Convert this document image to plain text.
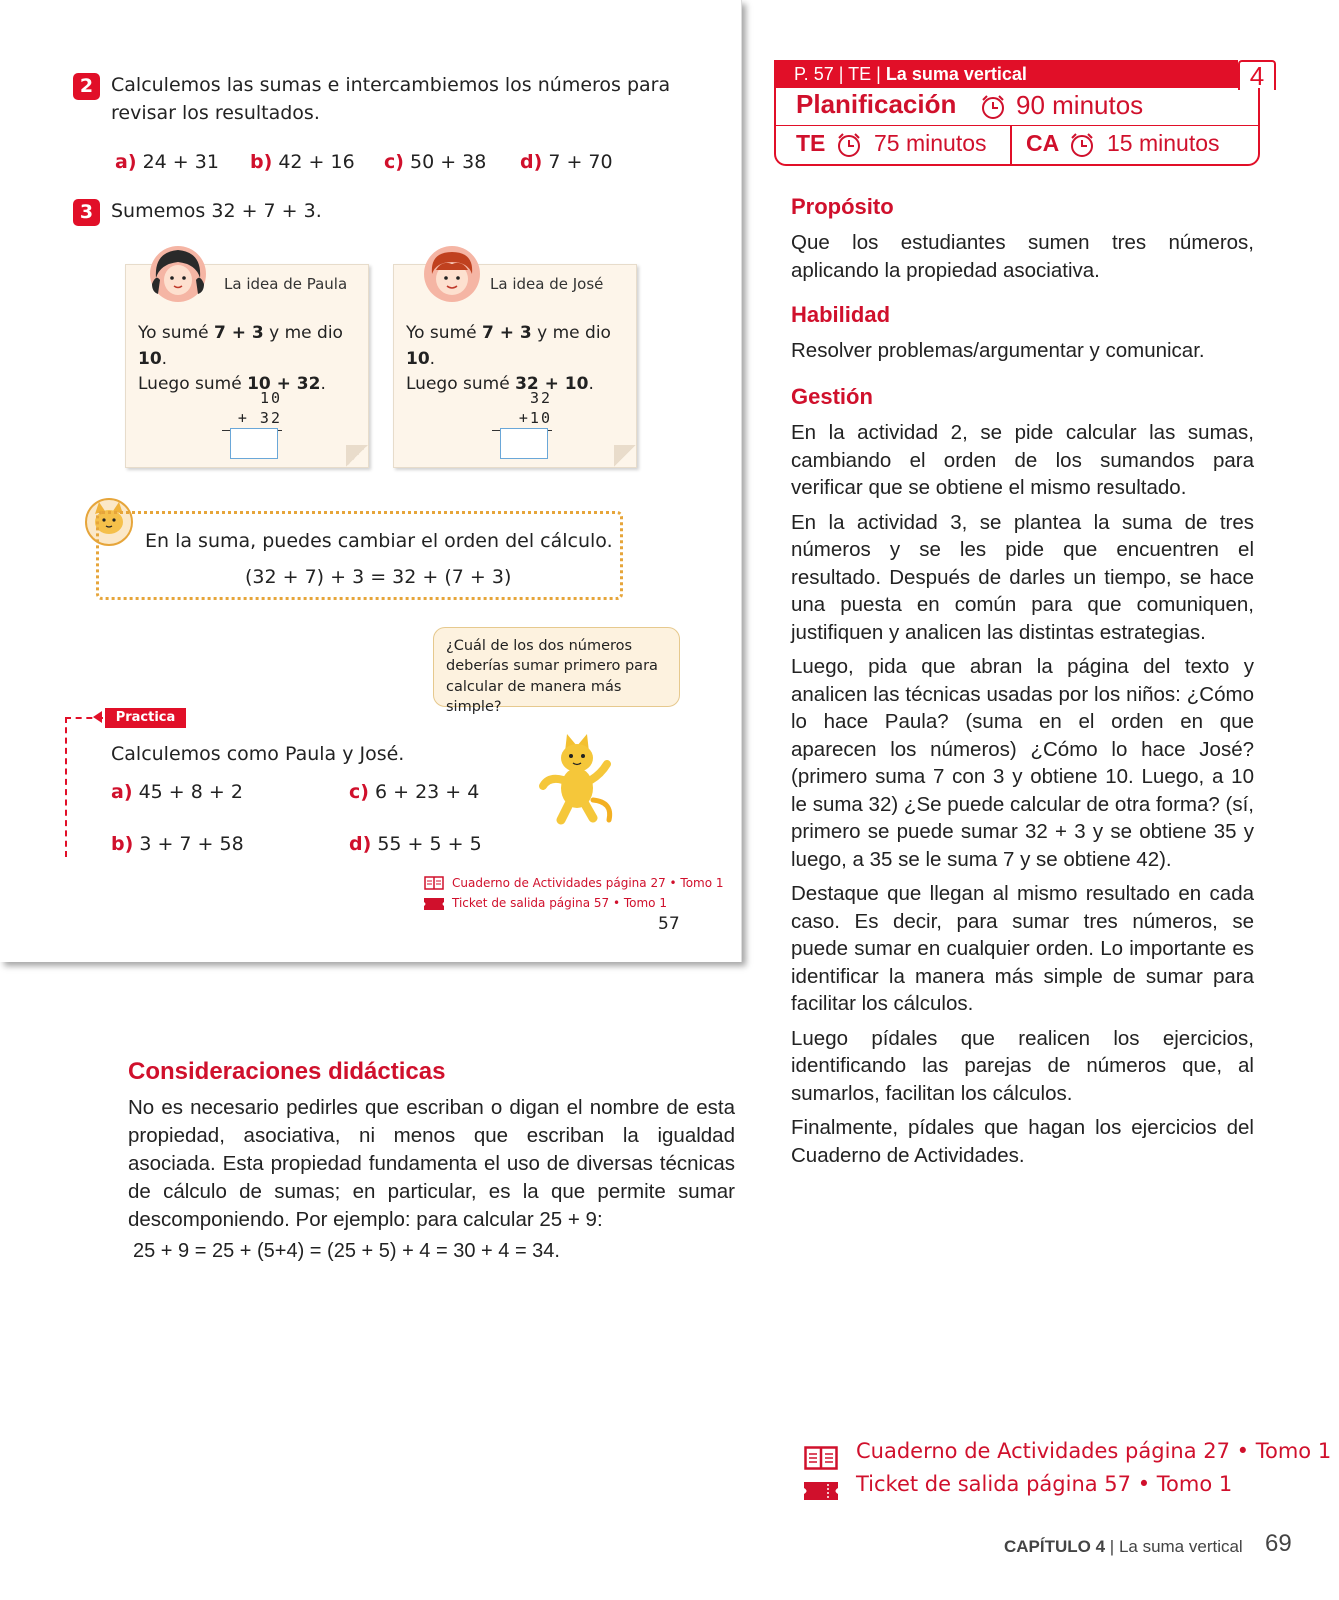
2 Calculemos las sumas e intercambiemos los números para
revisar los resultados.
a) 24 + 31 b) 42 + 16 c) 50 + 38 d) 7 + 70
3 Sumemos 32 + 7 + 3.
La idea de Paula
Yo sumé 7 + 3 y me dio 10.
Luego sumé 10 + 32.
10
+ 32
La idea de José
Yo sumé 7 + 3 y me dio 10.
Luego sumé 32 + 10.
32
+10
En la suma, puedes cambiar el orden del cálculo.
(32 + 7) + 3 = 32 + (7 + 3)
¿Cuál de los dos números deberías sumar primero para calcular de manera más simple?
Practica
Calculemos como Paula y José.
a) 45 + 8 + 2
b) 3 + 7 + 58
c) 6 + 23 + 4
d) 55 + 5 + 5
Cuaderno de Actividades página 27 • Tomo 1
Ticket de salida página 57 • Tomo 1
57
P. 57 | TE | La suma vertical	4
Planificación 90 minutos
TE 75 minutos CA 15 minutos
Propósito
Que los estudiantes sumen tres números, aplicando la propiedad asociativa.
Habilidad
Resolver problemas/argumentar y comunicar.
Gestión

En la actividad 2, se pide calcular las sumas, cambiando el orden de los sumandos para verificar que se obtiene el mismo resultado.

En la actividad 3, se plantea la suma de tres números y se les pide que encuentren el resultado. Después de darles un tiempo, se hace una puesta en común para que comuniquen, justifiquen y analicen las distintas estrategias.

Luego, pida que abran la página del texto y analicen las técnicas usadas por los niños: ¿Cómo lo hace Paula? (suma en el orden en que aparecen los números) ¿Cómo lo hace José? (primero suma 7 con 3 y obtiene 10. Luego, a 10 le suma 32) ¿Se puede calcular de otra forma? (sí, primero se puede sumar 32 + 3 y se obtiene 35 y luego, a 35 se le suma 7 y se obtiene 42).

Destaque que llegan al mismo resultado en cada caso. Es decir, para sumar tres números, se puede sumar en cualquier orden. Lo importante es identificar la manera más simple de sumar para facilitar los cálculos.

Luego pídales que realicen los ejercicios, identificando las parejas de números que, al sumarlos, facilitan los cálculos.

Finalmente, pídales que hagan los ejercicios del Cuaderno de Actividades.

Consideraciones didácticas
No es necesario pedirles que escriban o digan el nombre de esta propiedad, asociativa, ni menos que escriban la igualdad asociada. Esta propiedad fundamenta el uso de diversas técnicas de cálculo de sumas; en particular, es la que permite sumar descomponiendo. Por ejemplo: para calcular 25 + 9:
25 + 9 = 25 + (5+4) = (25 + 5) + 4 = 30 + 4 = 34.
Cuaderno de Actividades página 27 • Tomo 1
Ticket de salida página 57 • Tomo 1
CAPÍTULO 4 | La suma vertical 69
